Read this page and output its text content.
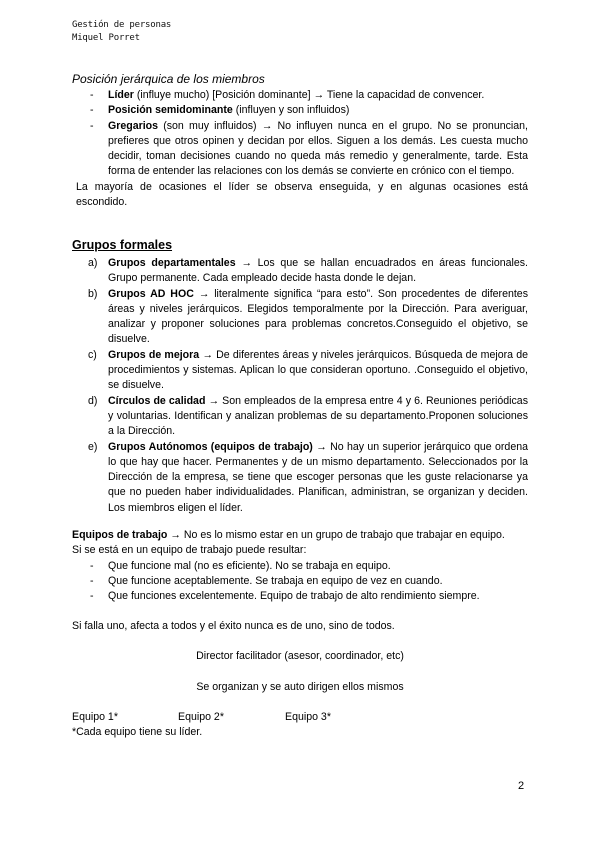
Gestión de personas
Miquel Porret
Posición jerárquica de los miembros
- Líder (influye mucho) [Posición dominante] → Tiene la capacidad de convencer.
- Posición semidominante (influyen y son influidos)
- Gregarios (son muy influidos) → No influyen nunca en el grupo. No se pronuncian, prefieres que otros opinen y decidan por ellos. Siguen a los demás. Les cuesta mucho decidir, toman decisiones cuando no queda más remedio y generalmente, tarde. Esta forma de entender las relaciones con los demás se convierte en crónico con el tiempo.
La mayoría de ocasiones el líder se observa enseguida, y en algunas ocasiones está escondido.
Grupos formales
a) Grupos departamentales → Los que se hallan encuadrados en áreas funcionales. Grupo permanente. Cada empleado decide hasta donde le dejan.
b) Grupos AD HOC → literalmente significa “para esto”. Son procedentes de diferentes áreas y niveles jerárquicos. Elegidos temporalmente por la Dirección. Para averiguar, analizar y proponer soluciones para problemas concretos.Conseguido el objetivo, se disuelve.
c) Grupos de mejora → De diferentes áreas y niveles jerárquicos. Búsqueda de mejora de procedimientos y sistemas. Aplican lo que consideran oportuno. .Conseguido el objetivo, se disuelve.
d) Círculos de calidad → Son empleados de la empresa entre 4 y 6. Reuniones periódicas y voluntarias. Identifican y analizan problemas de su departamento.Proponen soluciones a la Dirección.
e) Grupos Autónomos (equipos de trabajo) → No hay un superior jerárquico que ordena lo que hay que hacer. Permanentes y de un mismo departamento. Seleccionados por la Dirección de la empresa, se tiene que escoger personas que les guste relacionarse ya que no pueden haber individualidades. Planifican, administran, se organizan y deciden. Los miembros eligen el líder.
Equipos de trabajo → No es lo mismo estar en un grupo de trabajo que trabajar en equipo.
Si se está en un equipo de trabajo puede resultar:
- Que funcione mal (no es eficiente). No se trabaja en equipo.
- Que funcione aceptablemente. Se trabaja en equipo de vez en cuando.
- Que funciones excelentemente. Equipo de trabajo de alto rendimiento siempre.
Si falla uno, afecta a todos y el éxito nunca es de uno, sino de todos.
Director facilitador (asesor, coordinador, etc)
Se organizan y se auto dirigen ellos mismos
Equipo 1*	Equipo 2*	Equipo 3*
*Cada equipo tiene su líder.
2
